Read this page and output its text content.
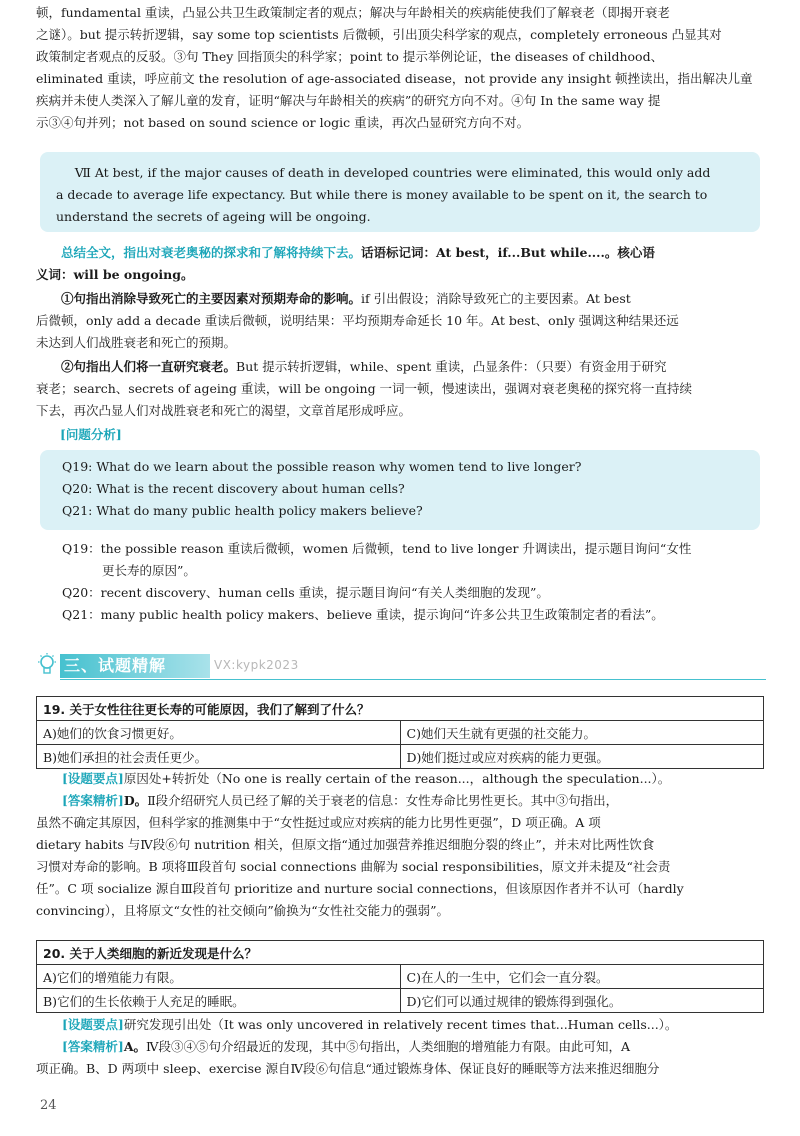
顿，fundamental 重读，凸显公共卫生政策制定者的观点；解决与年龄相关的疾病能使我们了解衰老（即揭开衰老
之谜）。but 提示转折逻辑，say some top scientists 后微顿，引出顶尖科学家的观点，completely erroneous 凸显其对
政策制定者观点的反驳。③句 They 回指顶尖的科学家；point to 提示举例论证，the diseases of childhood、
eliminated 重读，呼应前文 the resolution of age-associated disease，not provide any insight 顿挫读出，指出解决儿童
疾病并未使人类深入了解儿童的发育，证明“解决与年龄相关的疾病”的研究方向不对。④句 In the same way 提
示③④句并列；not based on sound science or logic 重读，再次凸显研究方向不对。
Ⅶ At best, if the major causes of death in developed countries were eliminated, this would only add
a decade to average life expectancy. But while there is money available to be spent on it, the search to
understand the secrets of ageing will be ongoing.
总结全文，指出对衰老奥秘的探求和了解将持续下去。话语标记词：At best，if...But while....。核心语
义词：will be ongoing。
①句指出消除导致死亡的主要因素对预期寿命的影响。if 引出假设；消除导致死亡的主要因素。At best
后微顿，only add a decade 重读后微顿，说明结果：平均预期寿命延长 10 年。At best、only 强调这种结果还远
未达到人们战胜衰老和死亡的预期。
②句指出人们将一直研究衰老。But 提示转折逻辑，while、spent 重读，凸显条件：（只要）有资金用于研究
衰老；search、secrets of ageing 重读，will be ongoing 一词一顿，慢速读出，强调对衰老奥秘的探究将一直持续
下去，再次凸显人们对战胜衰老和死亡的渴望，文章首尾形成呼应。
[问题分析]
Q19: What do we learn about the possible reason why women tend to live longer?
Q20: What is the recent discovery about human cells?
Q21: What do many public health policy makers believe?
Q19：the possible reason 重读后微顿，women 后微顿，tend to live longer 升调读出，提示题目询问“女性
更长寿的原因”。
Q20：recent discovery、human cells 重读，提示题目询问“有关人类细胞的发现”。
Q21：many public health policy makers、believe 重读，提示询问“许多公共卫生政策制定者的看法”。
三、试题精解	VX:kypk2023
19. 关于女性往往更长寿的可能原因，我们了解到了什么？	
A)她们的饮食习惯更好。	C)她们天生就有更强的社交能力。
B)她们承担的社会责任更少。	D)她们挺过或应对疾病的能力更强。
[设题要点]原因处+转折处（No one is really certain of the reason...，although the speculation...）。
[答案精析]D。Ⅱ段介绍研究人员已经了解的关于衰老的信息：女性寿命比男性更长。其中③句指出，
虽然不确定其原因，但科学家的推测集中于“女性挺过或应对疾病的能力比男性更强”，D 项正确。A 项
dietary habits 与Ⅳ段⑥句 nutrition 相关，但原文指“通过加强营养推迟细胞分裂的终止”，并未对比两性饮食
习惯对寿命的影响。B 项将Ⅲ段首句 social connections 曲解为 social responsibilities，原文并未提及“社会责
任”。C 项 socialize 源自Ⅲ段首句 prioritize and nurture social connections，但该原因作者并不认可（hardly
convincing），且将原文“女性的社交倾向”偷换为“女性社交能力的强弱”。
20. 关于人类细胞的新近发现是什么？	
A)它们的增殖能力有限。	C)在人的一生中，它们会一直分裂。
B)它们的生长依赖于人充足的睡眠。	D)它们可以通过规律的锻炼得到强化。
[设题要点]研究发现引出处（It was only uncovered in relatively recent times that...Human cells...）。
[答案精析]A。Ⅳ段③④⑤句介绍最近的发现，其中⑤句指出，人类细胞的增殖能力有限。由此可知，A
项正确。B、D 两项中 sleep、exercise 源自Ⅳ段⑥句信息“通过锻炼身体、保证良好的睡眠等方法来推迟细胞分
24
